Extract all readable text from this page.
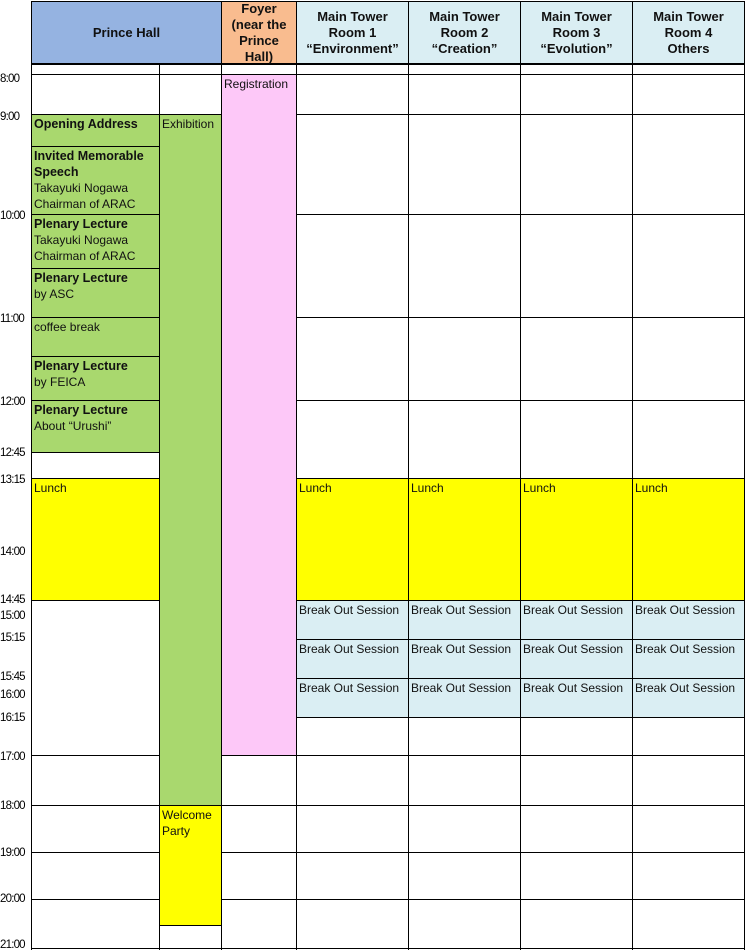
Prince Hall
Foyer (near the Prince Hall)
Main Tower Room 1 “Environment”
Main Tower Room 2 “Creation”
Main Tower Room 3 “Evolution”
Main Tower Room 4 Others
8:00
9:00
10:00
11:00
12:00
12:45
13:15
14:00
14:45
15:00
15:15
15:45
16:00
16:15
17:00
18:00
19:00
20:00
21:00
Opening Address
Invited Memorable Speech
Takayuki Nogawa Chairman of ARAC
Plenary Lecture
Takayuki Nogawa Chairman of ARAC
Plenary Lecture
by ASC
coffee break
Plenary Lecture
by FEICA
Plenary Lecture
About “Urushi”
Lunch
Exhibition
Welcome Party
Registration
Lunch
Break Out Session
Break Out Session
Break Out Session
Lunch
Break Out Session
Break Out Session
Break Out Session
Lunch
Break Out Session
Break Out Session
Break Out Session
Lunch
Break Out Session
Break Out Session
Break Out Session
